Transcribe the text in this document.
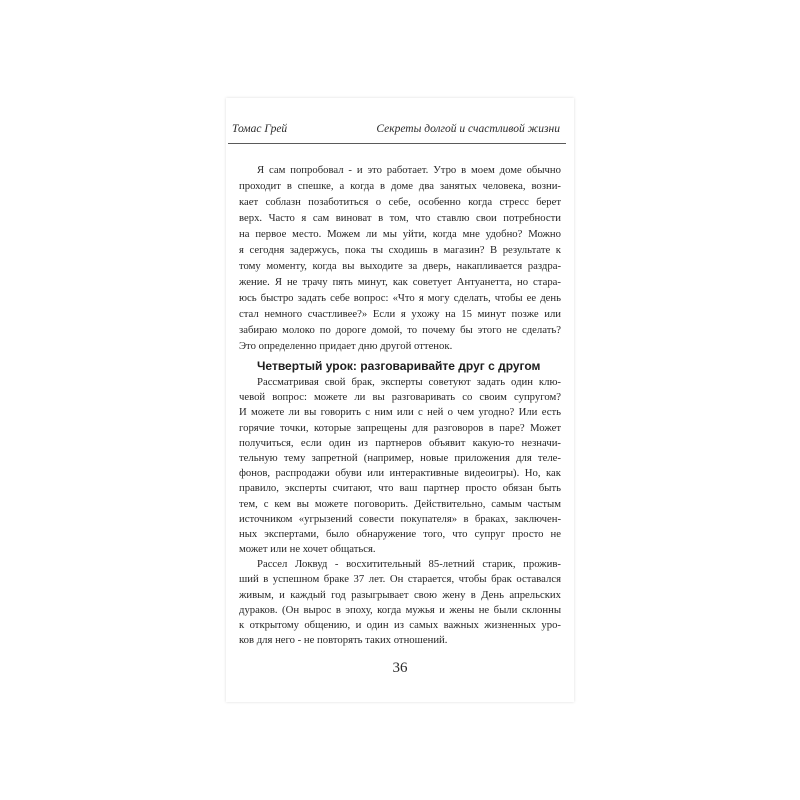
Томас Грей	Секреты долгой и счастливой жизни
Я сам попробовал - и это работает. Утро в моем доме обычно
проходит в спешке, а когда в доме два занятых человека, возни-
кает соблазн позаботиться о себе, особенно когда стресс берет
верх. Часто я сам виноват в том, что ставлю свои потребности
на первое место. Можем ли мы уйти, когда мне удобно? Можно
я сегодня задержусь, пока ты сходишь в магазин? В результате к
тому моменту, когда вы выходите за дверь, накапливается раздра-
жение. Я не трачу пять минут, как советует Антуанетта, но стара-
юсь быстро задать себе вопрос: «Что я могу сделать, чтобы ее день
стал немного счастливее?» Если я ухожу на 15 минут позже или
забираю молоко по дороге домой, то почему бы этого не сделать?
Это определенно придает дню другой оттенок.
Четвертый урок: разговаривайте друг с другом
Рассматривая свой брак, эксперты советуют задать один клю-
чевой вопрос: можете ли вы разговаривать со своим супругом?
И можете ли вы говорить с ним или с ней о чем угодно? Или есть
горячие точки, которые запрещены для разговоров в паре? Может
получиться, если один из партнеров объявит какую-то незначи-
тельную тему запретной (например, новые приложения для теле-
фонов, распродажи обуви или интерактивные видеоигры). Но, как
правило, эксперты считают, что ваш партнер просто обязан быть
тем, с кем вы можете поговорить. Действительно, самым частым
источником «угрызений совести покупателя» в браках, заключен-
ных экспертами, было обнаружение того, что супруг просто не
может или не хочет общаться.
Рассел Локвуд - восхитительный 85-летний старик, прожив-
ший в успешном браке 37 лет. Он старается, чтобы брак оставался
живым, и каждый год разыгрывает свою жену в День апрельских
дураков. (Он вырос в эпоху, когда мужья и жены не были склонны
к открытому общению, и один из самых важных жизненных уро-
ков для него - не повторять таких отношений.
36
